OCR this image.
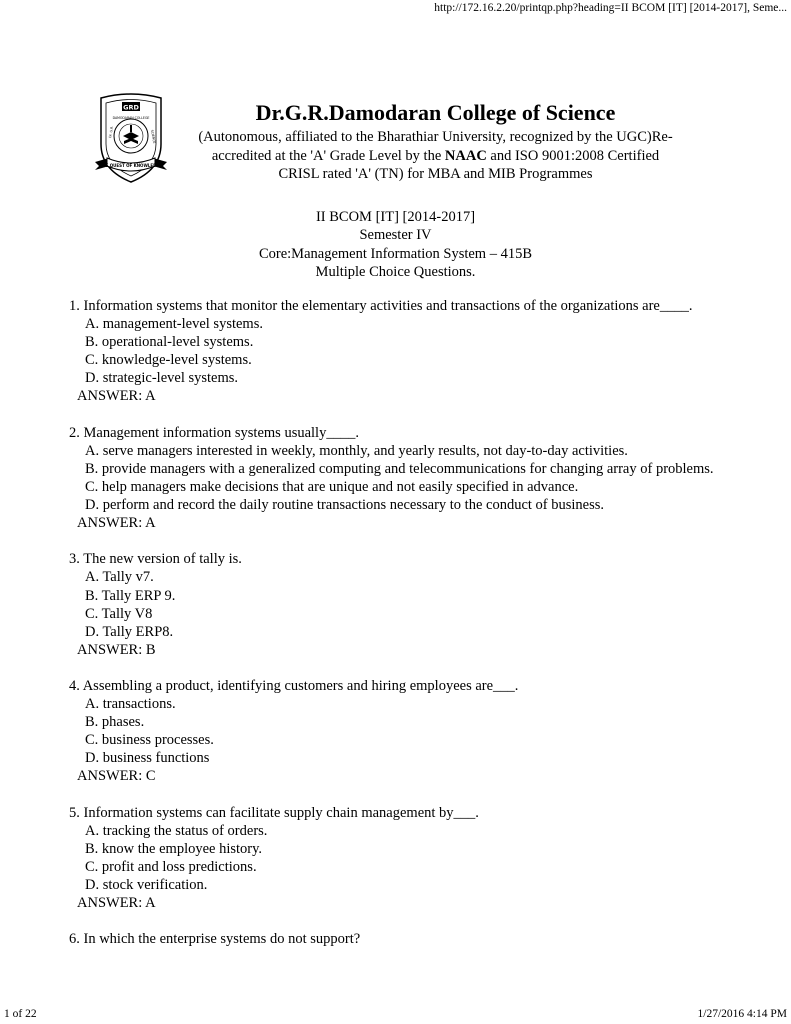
http://172.16.2.20/printqp.php?heading=II BCOM [IT] [2014-2017], Seme...
GRD
DAMODARAN COLLEGE
Dr. G.R.	SCIENCE
THE QUEST OF KNOWLEDGE
Dr.G.R.Damodaran College of Science
(Autonomous, affiliated to the Bharathiar University, recognized by the UGC)Re-
accredited at the 'A' Grade Level by the NAAC and ISO 9001:2008 Certified
CRISL rated 'A' (TN) for MBA and MIB Programmes
II BCOM [IT] [2014-2017]
Semester IV
Core:Management Information System – 415B
Multiple Choice Questions.
1. Information systems that monitor the elementary activities and transactions of the organizations are____.
A. management-level systems.
B. operational-level systems.
C. knowledge-level systems.
D. strategic-level systems.
ANSWER: A
2. Management information systems usually____.
A. serve managers interested in weekly, monthly, and yearly results, not day-to-day activities.
B. provide managers with a generalized computing and telecommunications for changing array of problems.
C. help managers make decisions that are unique and not easily specified in advance.
D. perform and record the daily routine transactions necessary to the conduct of business.
ANSWER: A
3. The new version of tally is.
A. Tally v7.
B. Tally ERP 9.
C. Tally V8
D. Tally ERP8.
ANSWER: B
4. Assembling a product, identifying customers and hiring employees are___.
A. transactions.
B. phases.
C. business processes.
D. business functions
ANSWER: C
5. Information systems can facilitate supply chain management by___.
A. tracking the status of orders.
B. know the employee history.
C. profit and loss predictions.
D. stock verification.
ANSWER: A
6. In which the enterprise systems do not support?
1 of 22	1/27/2016 4:14 PM
